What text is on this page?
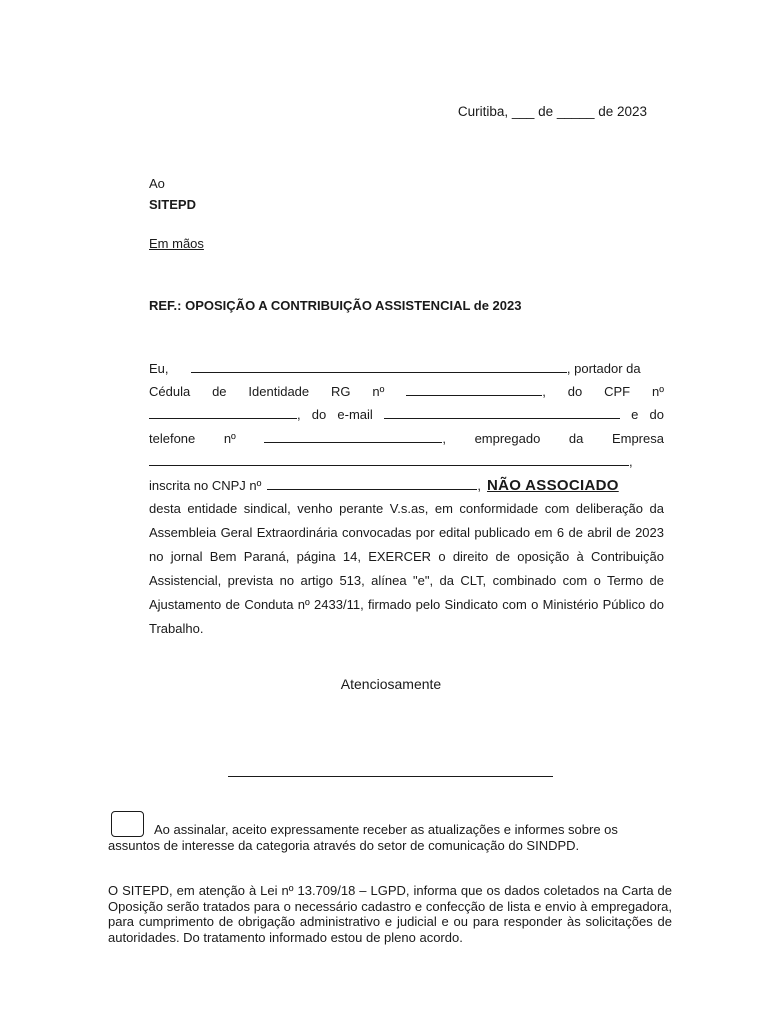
Curitiba, ___ de _____ de 2023
Ao
SITEPD
Em mãos
REF.: OPOSIÇÃO A CONTRIBUIÇÃO ASSISTENCIAL de 2023
Eu,	, portador da
Cédula de Identidade RG nº	, do CPF nº
, do e-mail	e do
telefone nº	, empregado da Empresa
,
inscrita no CNPJ nº	, NÃO ASSOCIADO
desta entidade sindical, venho perante V.s.as, em conformidade com deliberação da Assembleia Geral Extraordinária convocadas por edital publicado em 6 de abril de 2023 no jornal Bem Paraná, página 14, EXERCER o direito de oposição à Contribuição Assistencial, prevista no artigo 513, alínea "e", da CLT, combinado com o Termo de Ajustamento de Conduta nº 2433/11, firmado pelo Sindicato com o Ministério Público do Trabalho.
Atenciosamente
Ao assinalar, aceito expressamente receber as atualizações e informes sobre os assuntos de interesse da categoria através do setor de comunicação do SINDPD.
O SITEPD, em atenção à Lei nº 13.709/18 – LGPD, informa que os dados coletados na Carta de Oposição serão tratados para o necessário cadastro e confecção de lista e envio à empregadora, para cumprimento de obrigação administrativo e judicial e ou para responder às solicitações de autoridades. Do tratamento informado estou de pleno acordo.
